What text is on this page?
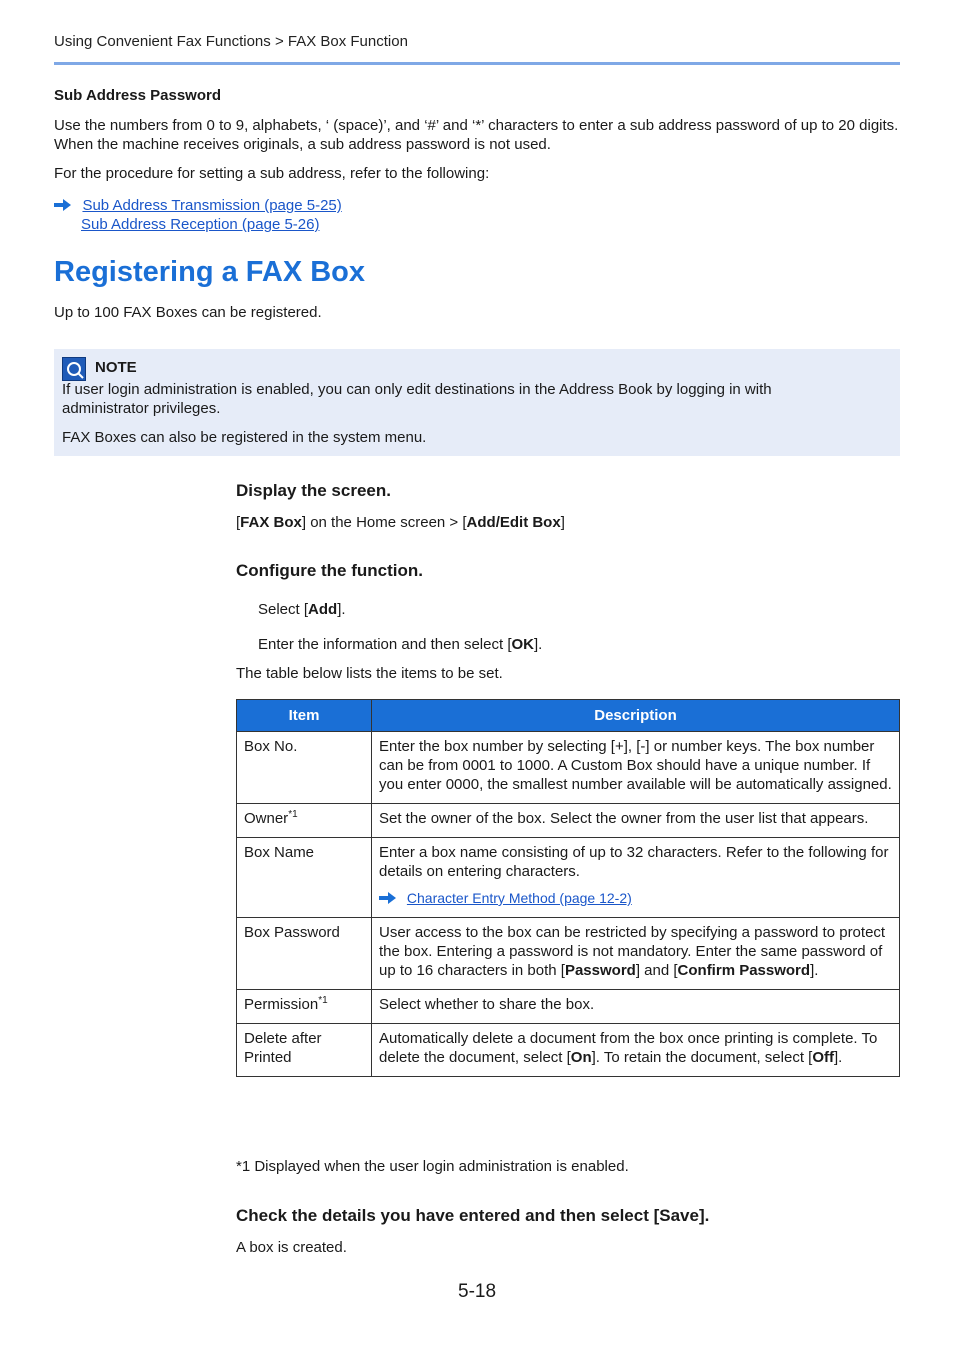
Using Convenient Fax Functions > FAX Box Function
Sub Address Password
Use the numbers from 0 to 9, alphabets, ‘ (space)’, and ‘#’ and ‘*’ characters to enter a sub address password of up to 20 digits. When the machine receives originals, a sub address password is not used.
For the procedure for setting a sub address, refer to the following:
Sub Address Transmission (page 5-25)
Sub Address Reception (page 5-26)
Registering a FAX Box
Up to 100 FAX Boxes can be registered.
NOTE
If user login administration is enabled, you can only edit destinations in the Address Book by logging in with administrator privileges.
FAX Boxes can also be registered in the system menu.
Display the screen.
[FAX Box] on the Home screen > [Add/Edit Box]
Configure the function.
Select [Add].
Enter the information and then select [OK].
The table below lists the items to be set.
Item	Description
Box No.	Enter the box number by selecting [+], [-] or number keys. The box number can be from 0001 to 1000. A Custom Box should have a unique number. If you enter 0000, the smallest number available will be automatically assigned.
Owner$^{*1}$	Set the owner of the box. Select the owner from the user list that appears.
Box Name	Enter a box name consisting of up to 32 characters. Refer to the following for details on entering characters.
Character Entry Method (page 12-2)

Box Password	User access to the box can be restricted by specifying a password to protect the box. Entering a password is not mandatory. Enter the same password of up to 16 characters in both [Password] and [Confirm Password].
Permission$^{*1}$	Select whether to share the box.
Delete after Printed	Automatically delete a document from the box once printing is complete. To delete the document, select [On]. To retain the document, select [Off].
*1 Displayed when the user login administration is enabled.
Check the details you have entered and then select [Save].
A box is created.
5-18
